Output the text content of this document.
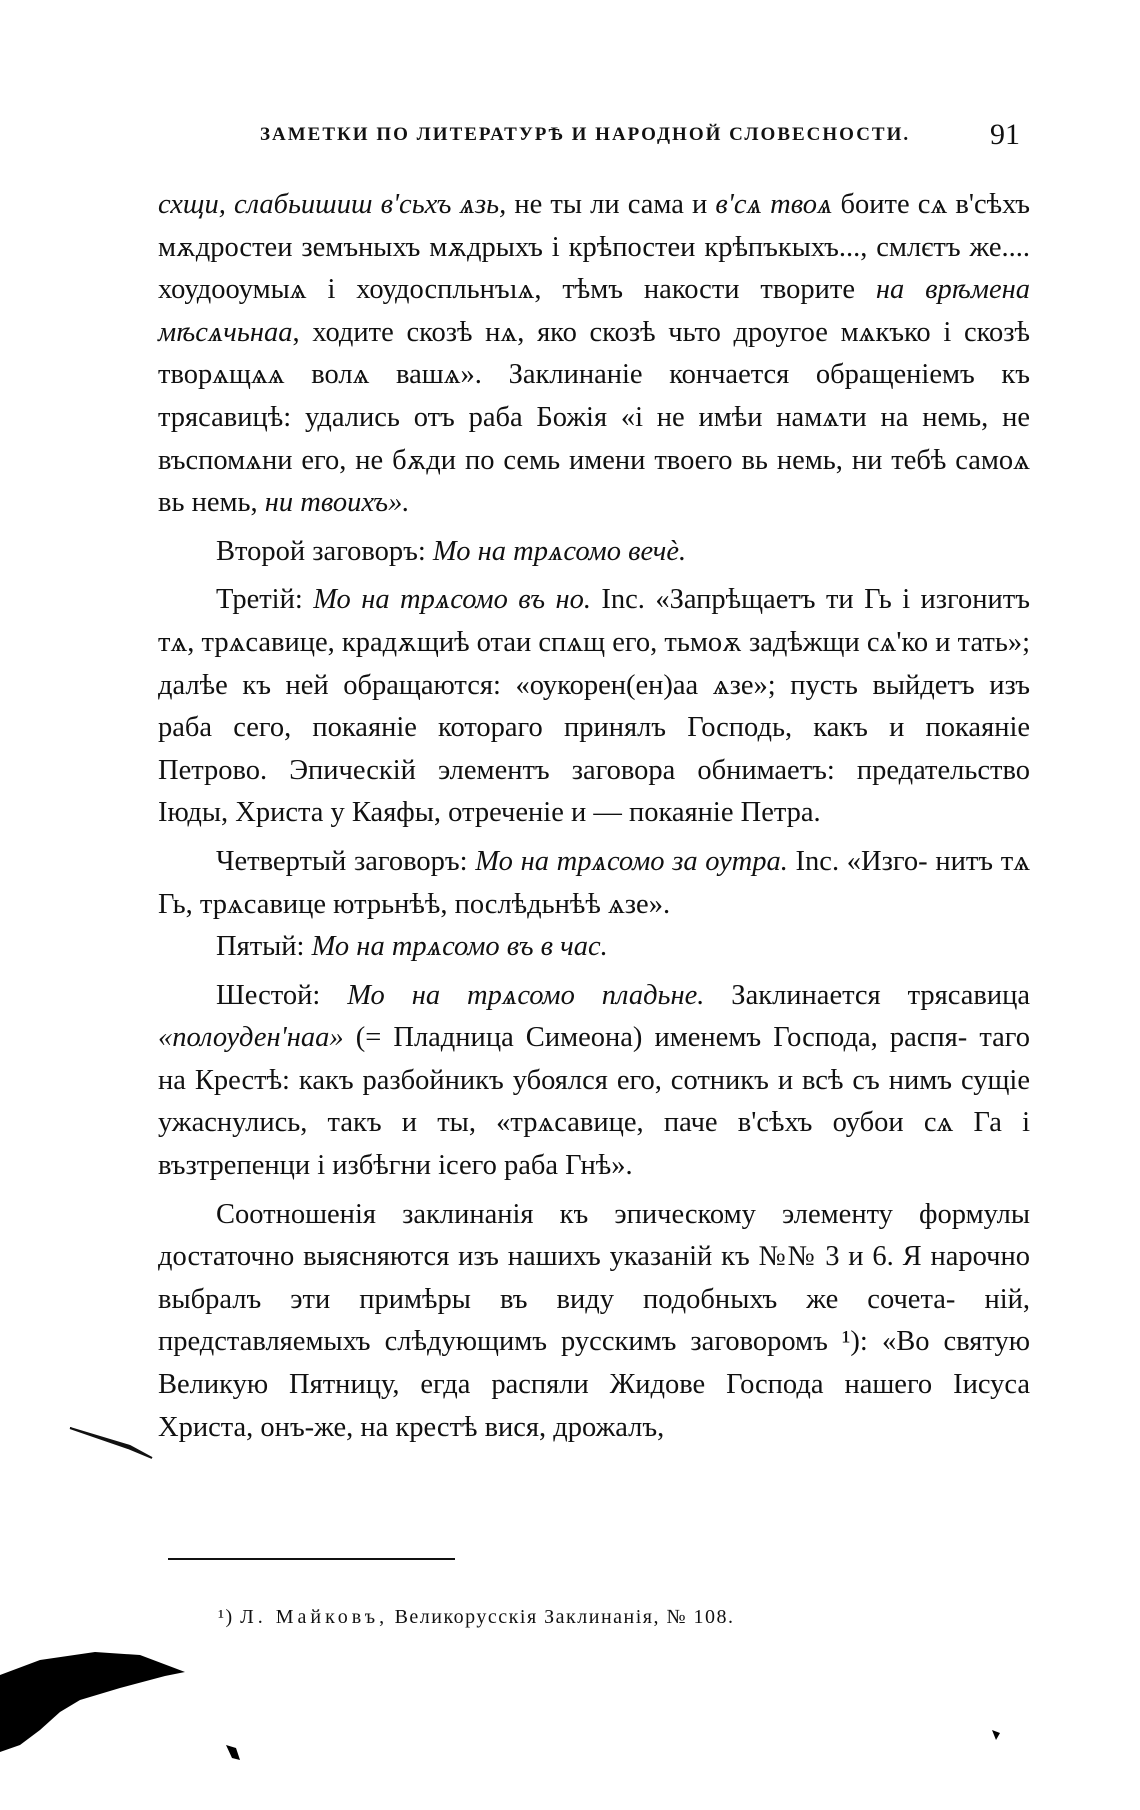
ЗАМЕТКИ ПО ЛИТЕРАТУРѢ И НАРОДНОЙ СЛОВЕСНОСТИ.	91

схщи, слабьишиш в'сьхъ ѧзь, не ты ли сама и в'сѧ твоѧ боите сѧ в'сѣхъ мѫдростеи земъныхъ мѫдрыхъ і крѣпостеи крѣпъкыхъ..., смлєтъ же.... хоудооумыѧ і хоудоспльнъıѧ, тѣмъ накости творите на врѣмена мѣсѧчьнаа, ходите скозѣ нѧ, яко скозѣ чьто дроугое мѧкъко і скозѣ творѧщѧѧ волѧ вашѧ». Заклинаніе кончается обращеніемъ къ трясавицѣ: удались отъ раба Божія «і не имѣи намѧти на немь, не въспомѧни его, не бѫди по семь имени твоего вь немь, ни тебѣ самоѧ вь немь, ни твоихъ».

Второй заговоръ: Мо на трѧсомо вечѐ.

Третій: Мо на трѧсомо въ но. Inc. «Запрѣщаетъ ти Гь і изгонитъ тѧ, трѧсавице, крадѫщиѣ отаи спѧщ его, тьмоѫ задѣжщи сѧ'ко и тать»; далѣе къ ней обращаются: «оукорен(ен)аа ѧзе»; пусть выйдетъ изъ раба сего, покаяніе котораго принялъ Господь, какъ и покаяніе Петрово. Эпическій элементъ заговора обнимаетъ: предательство Іюды, Христа у Каяфы, отреченіе и — покаяніе Петра.

Четвертый заговоръ: Мо на трѧсомо за оутра. Inc. «Изго- нитъ тѧ Гь, трѧсавице ютрьнѣѣ, послѣдьнѣѣ ѧзе».

Пятый: Мо на трѧсомо въ в час.

Шестой: Мо на трѧсомо пладьне. Заклинается трясавица «полоуден'наа» (= Пладница Симеона) именемъ Господа, распя- таго на Крестѣ: какъ разбойникъ убоялся его, сотникъ и всѣ съ нимъ сущіе ужаснулись, такъ и ты, «трѧсавице, паче в'сѣхъ оубои сѧ Га і възтрепенци і избѣгни ісего раба Гнѣ».

Соотношенія заклинанія къ эпическому элементу формулы достаточно выясняются изъ нашихъ указаній къ №№ 3 и 6. Я нарочно выбралъ эти примѣры въ виду подобныхъ же сочета- ній, представляемыхъ слѣдующимъ русскимъ заговоромъ ¹): «Во святую Великую Пятницу, егда распяли Жидове Господа нашего Іисуса Христа, онъ-же, на крестѣ вися, дрожалъ,

¹) Л. Майковъ, Великорусскія Заклинанія, № 108.
